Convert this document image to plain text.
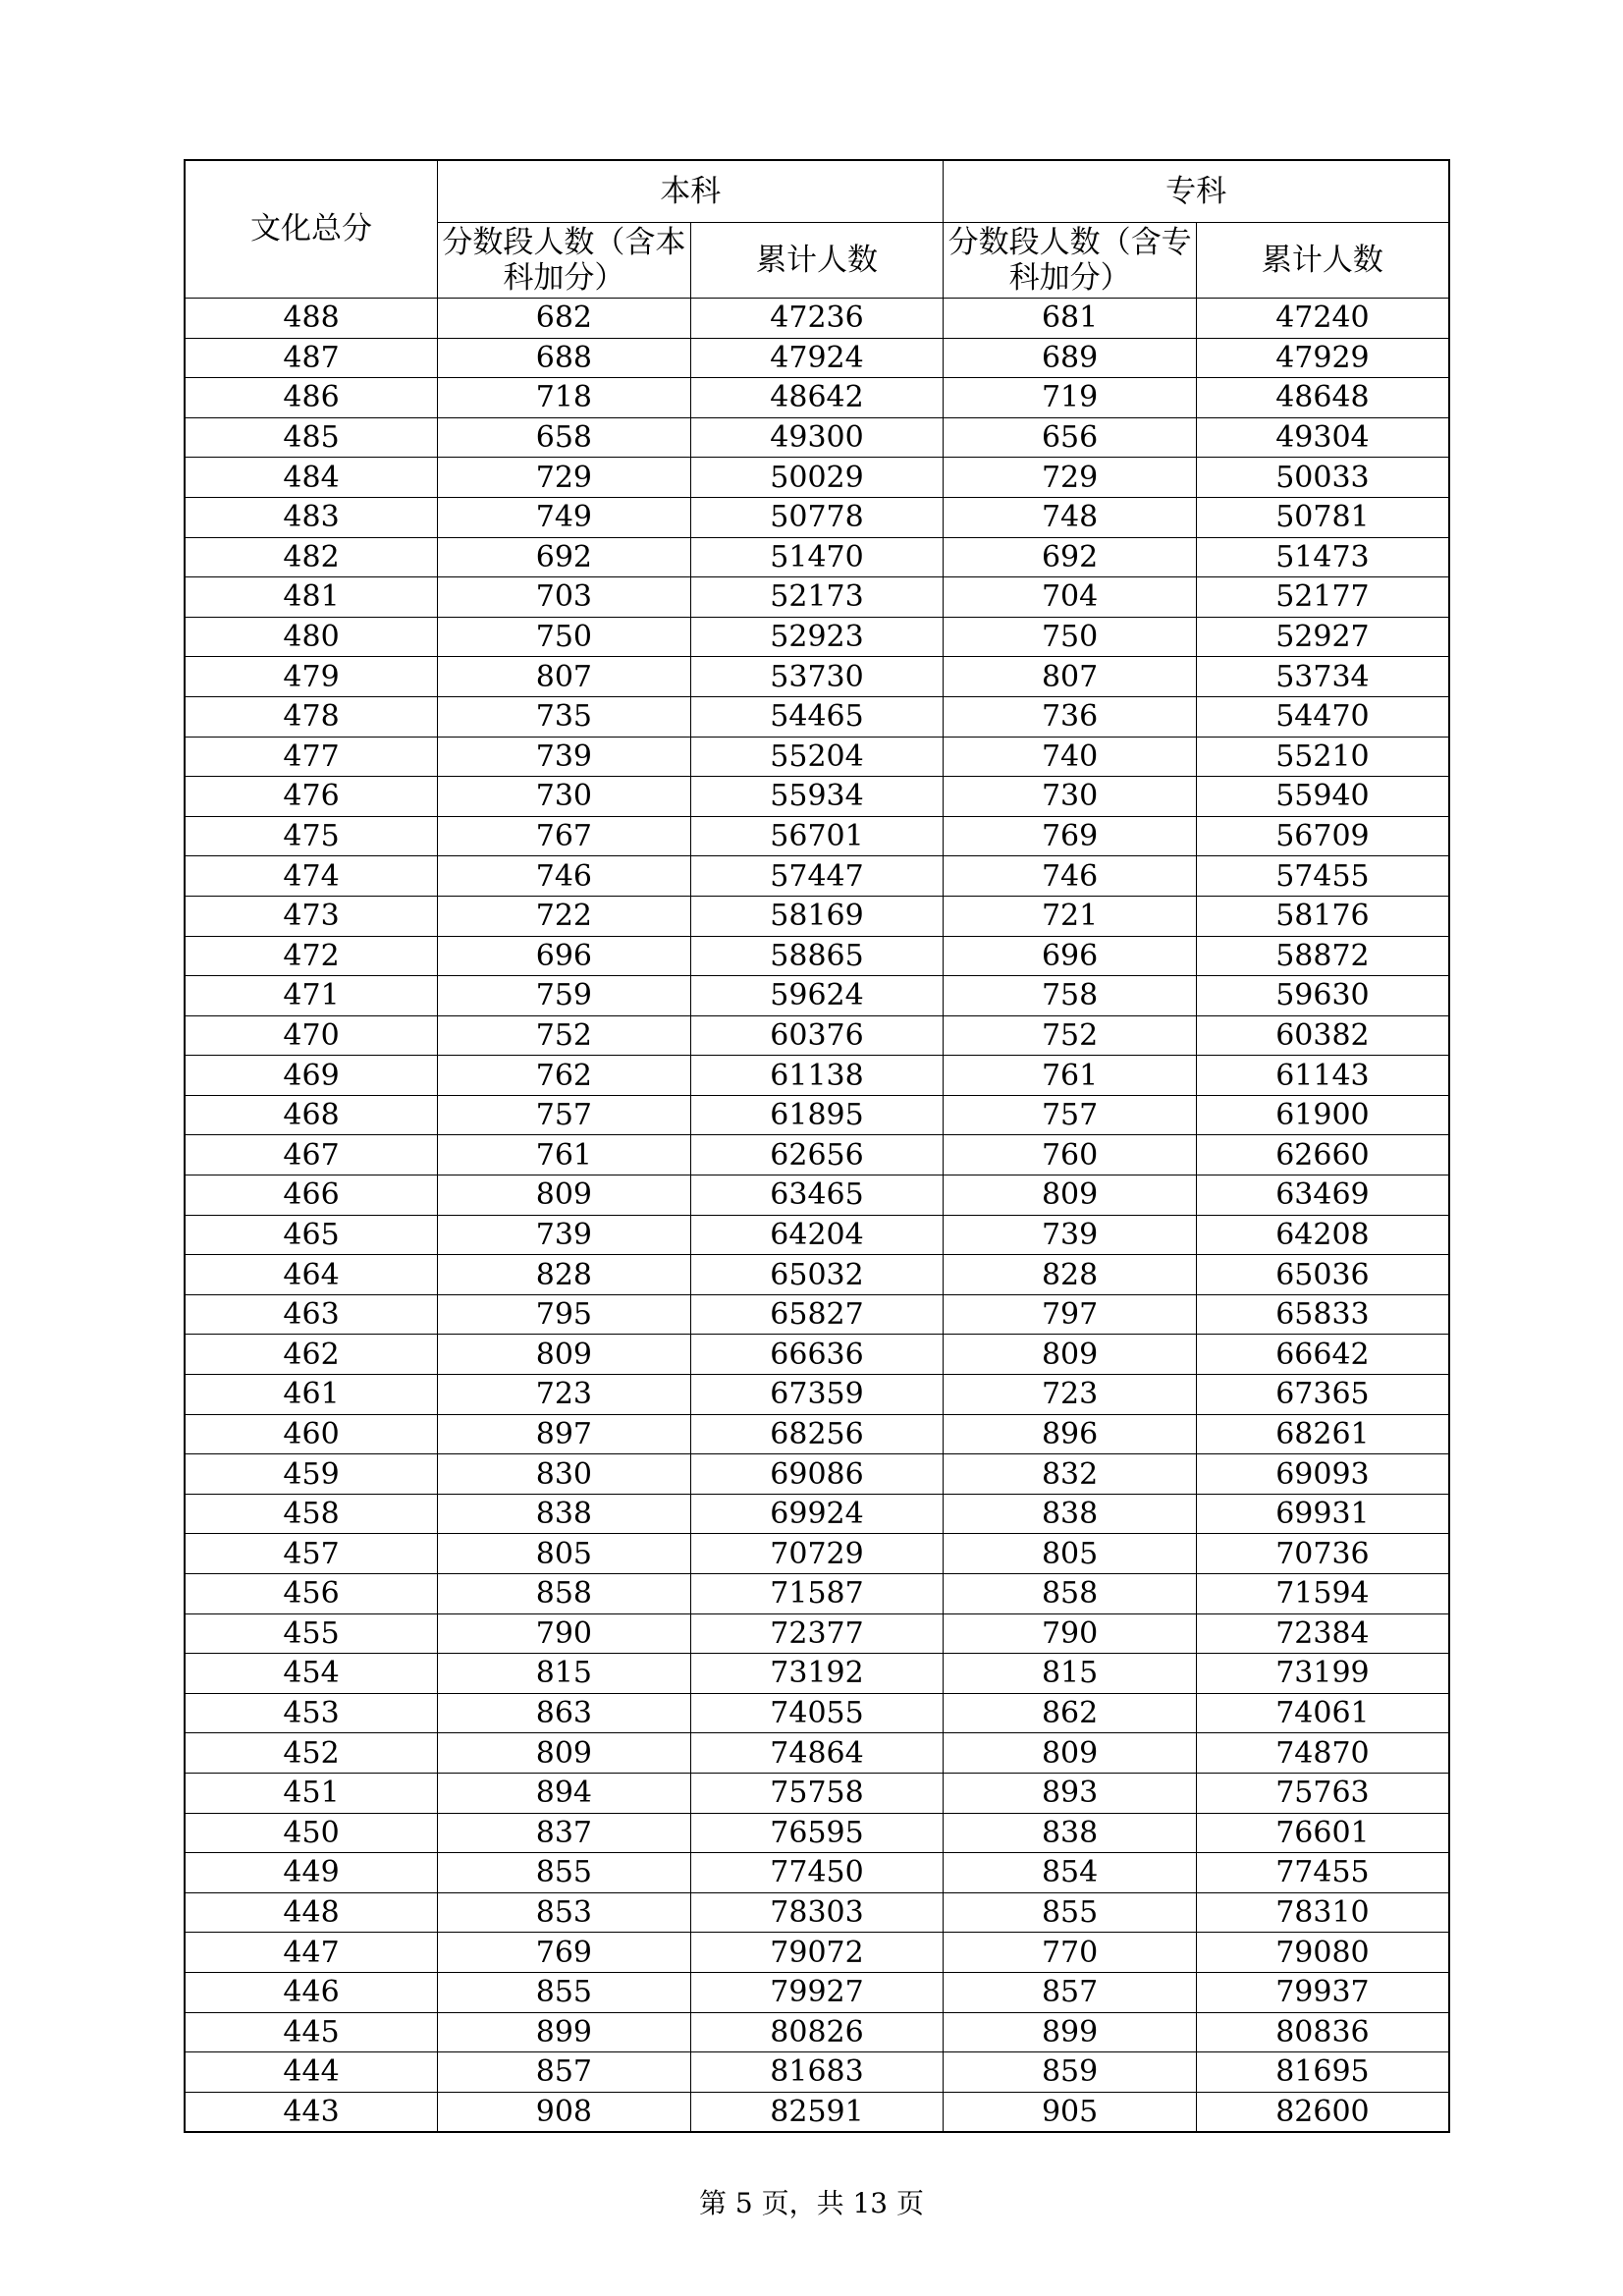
文化总分	本科		专科	
	分数段人数（含本科加分）	累计人数	分数段人数（含专科加分）	累计人数
488	682	47236	681	47240
487	688	47924	689	47929
486	718	48642	719	48648
485	658	49300	656	49304
484	729	50029	729	50033
483	749	50778	748	50781
482	692	51470	692	51473
481	703	52173	704	52177
480	750	52923	750	52927
479	807	53730	807	53734
478	735	54465	736	54470
477	739	55204	740	55210
476	730	55934	730	55940
475	767	56701	769	56709
474	746	57447	746	57455
473	722	58169	721	58176
472	696	58865	696	58872
471	759	59624	758	59630
470	752	60376	752	60382
469	762	61138	761	61143
468	757	61895	757	61900
467	761	62656	760	62660
466	809	63465	809	63469
465	739	64204	739	64208
464	828	65032	828	65036
463	795	65827	797	65833
462	809	66636	809	66642
461	723	67359	723	67365
460	897	68256	896	68261
459	830	69086	832	69093
458	838	69924	838	69931
457	805	70729	805	70736
456	858	71587	858	71594
455	790	72377	790	72384
454	815	73192	815	73199
453	863	74055	862	74061
452	809	74864	809	74870
451	894	75758	893	75763
450	837	76595	838	76601
449	855	77450	854	77455
448	853	78303	855	78310
447	769	79072	770	79080
446	855	79927	857	79937
445	899	80826	899	80836
444	857	81683	859	81695
443	908	82591	905	82600
第 5 页，共 13 页
